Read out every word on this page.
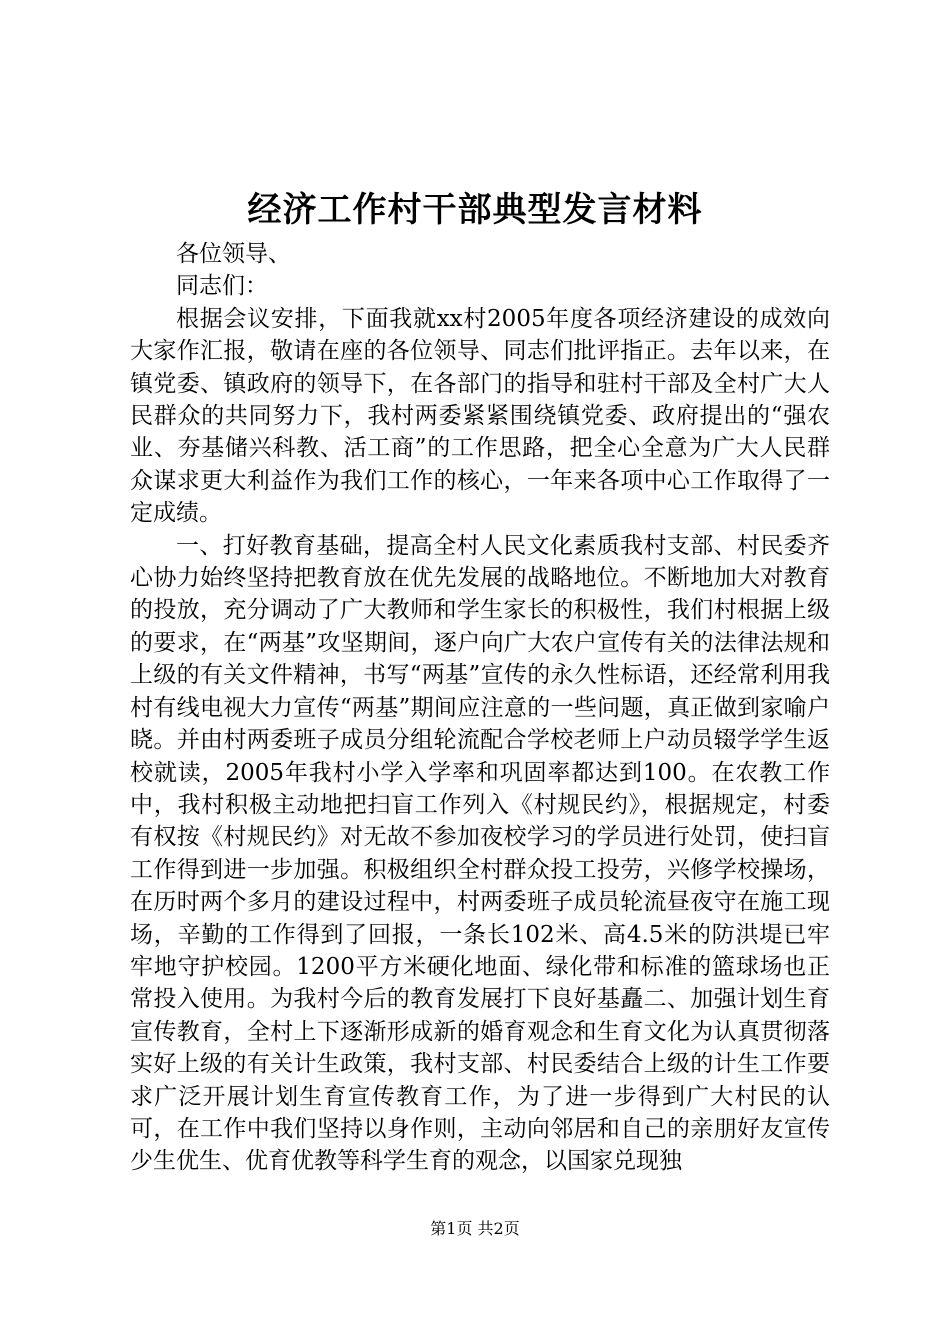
经济工作村干部典型发言材料

各位领导、

同志们：

根据会议安排，下面我就xx村2005年度各项经济建设的成效向大家作汇报，敬请在座的各位领导、同志们批评指正。去年以来，在镇党委、镇政府的领导下，在各部门的指导和驻村干部及全村广大人民群众的共同努力下，我村两委紧紧围绕镇党委、政府提出的“强农业、夯基储兴科教、活工商”的工作思路，把全心全意为广大人民群众谋求更大利益作为我们工作的核心，一年来各项中心工作取得了一定成绩。

一、打好教育基础，提高全村人民文化素质我村支部、村民委齐心协力始终坚持把教育放在优先发展的战略地位。不断地加大对教育的投放，充分调动了广大教师和学生家长的积极性，我们村根据上级的要求，在“两基”攻坚期间，逐户向广大农户宣传有关的法律法规和上级的有关文件精神，书写“两基”宣传的永久性标语，还经常利用我村有线电视大力宣传“两基”期间应注意的一些问题，真正做到家喻户晓。并由村两委班子成员分组轮流配合学校老师上户动员辍学学生返校就读，2005年我村小学入学率和巩固率都达到100。在农教工作中，我村积极主动地把扫盲工作列入《村规民约》，根据规定，村委有权按《村规民约》对无故不参加夜校学习的学员进行处罚，使扫盲工作得到进一步加强。积极组织全村群众投工投劳，兴修学校操场，在历时两个多月的建设过程中，村两委班子成员轮流昼夜守在施工现场，辛勤的工作得到了回报，一条长102米、高4.5米的防洪堤已牢牢地守护校园。1200平方米硬化地面、绿化带和标准的篮球场也正常投入使用。为我村今后的教育发展打下良好基矗二、加强计划生育宣传教育，全村上下逐渐形成新的婚育观念和生育文化为认真贯彻落实好上级的有关计生政策，我村支部、村民委结合上级的计生工作要求广泛开展计划生育宣传教育工作，为了进一步得到广大村民的认可，在工作中我们坚持以身作则，主动向邻居和自己的亲朋好友宣传少生优生、优育优教等科学生育的观念，以国家兑现独

第1页 共2页
